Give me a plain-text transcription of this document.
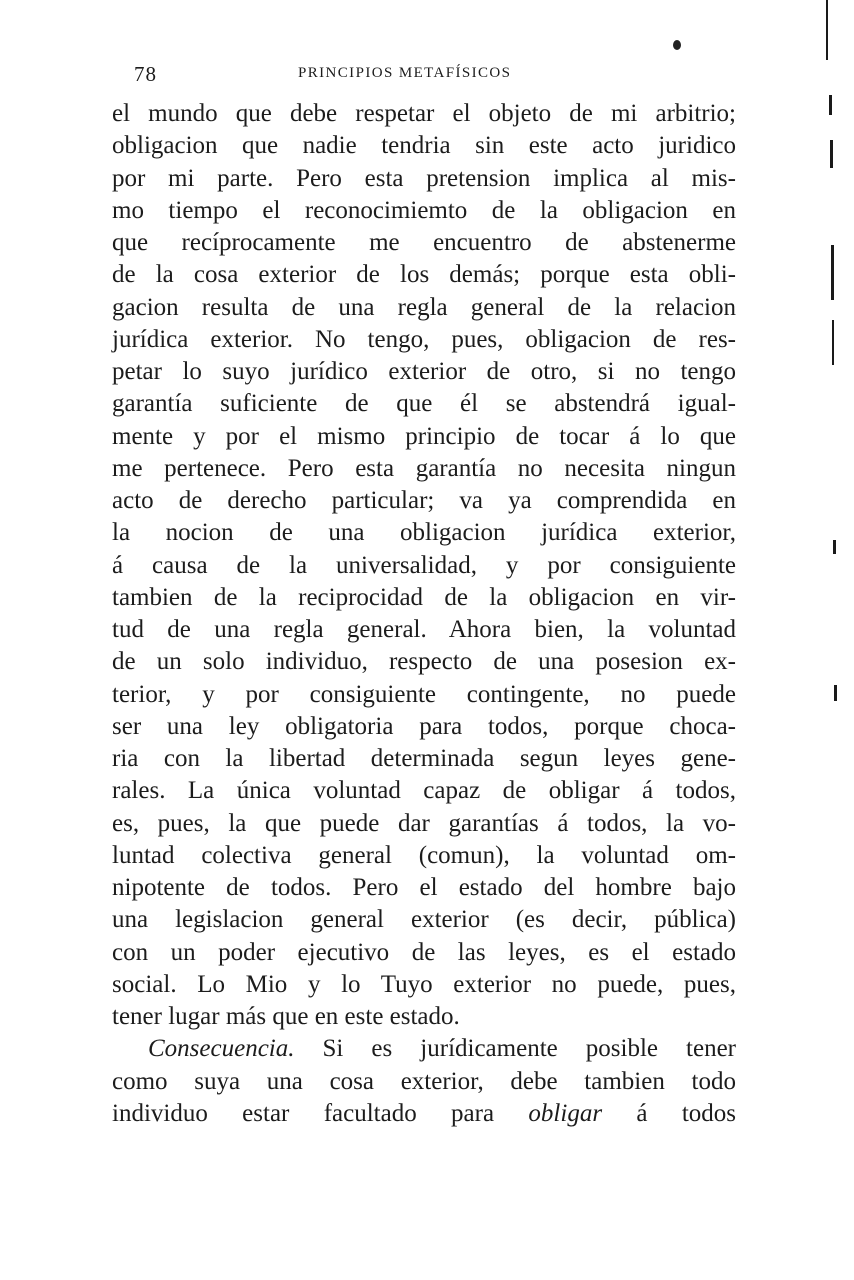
78	PRINCIPIOS METAFÍSICOS
el mundo que debe respetar el objeto de mi arbitrio;
obligacion que nadie tendria sin este acto juridico
por mi parte. Pero esta pretension implica al mis-
mo tiempo el reconocimiemto de la obligacion en
que recíprocamente me encuentro de abstenerme
de la cosa exterior de los demás; porque esta obli-
gacion resulta de una regla general de la relacion
jurídica exterior. No tengo, pues, obligacion de res-
petar lo suyo jurídico exterior de otro, si no tengo
garantía suficiente de que él se abstendrá igual-
mente y por el mismo principio de tocar á lo que
me pertenece. Pero esta garantía no necesita ningun
acto de derecho particular; va ya comprendida en
la nocion de una obligacion jurídica exterior,
á causa de la universalidad, y por consiguiente
tambien de la reciprocidad de la obligacion en vir-
tud de una regla general. Ahora bien, la voluntad
de un solo individuo, respecto de una posesion ex-
terior, y por consiguiente contingente, no puede
ser una ley obligatoria para todos, porque choca-
ria con la libertad determinada segun leyes gene-
rales. La única voluntad capaz de obligar á todos,
es, pues, la que puede dar garantías á todos, la vo-
luntad colectiva general (comun), la voluntad om-
nipotente de todos. Pero el estado del hombre bajo
una legislacion general exterior (es decir, pública)
con un poder ejecutivo de las leyes, es el estado
social. Lo Mio y lo Tuyo exterior no puede, pues,
tener lugar más que en este estado.
Consecuencia. Si es jurídicamente posible tener
como suya una cosa exterior, debe tambien todo
individuo estar facultado para obligar á todos
